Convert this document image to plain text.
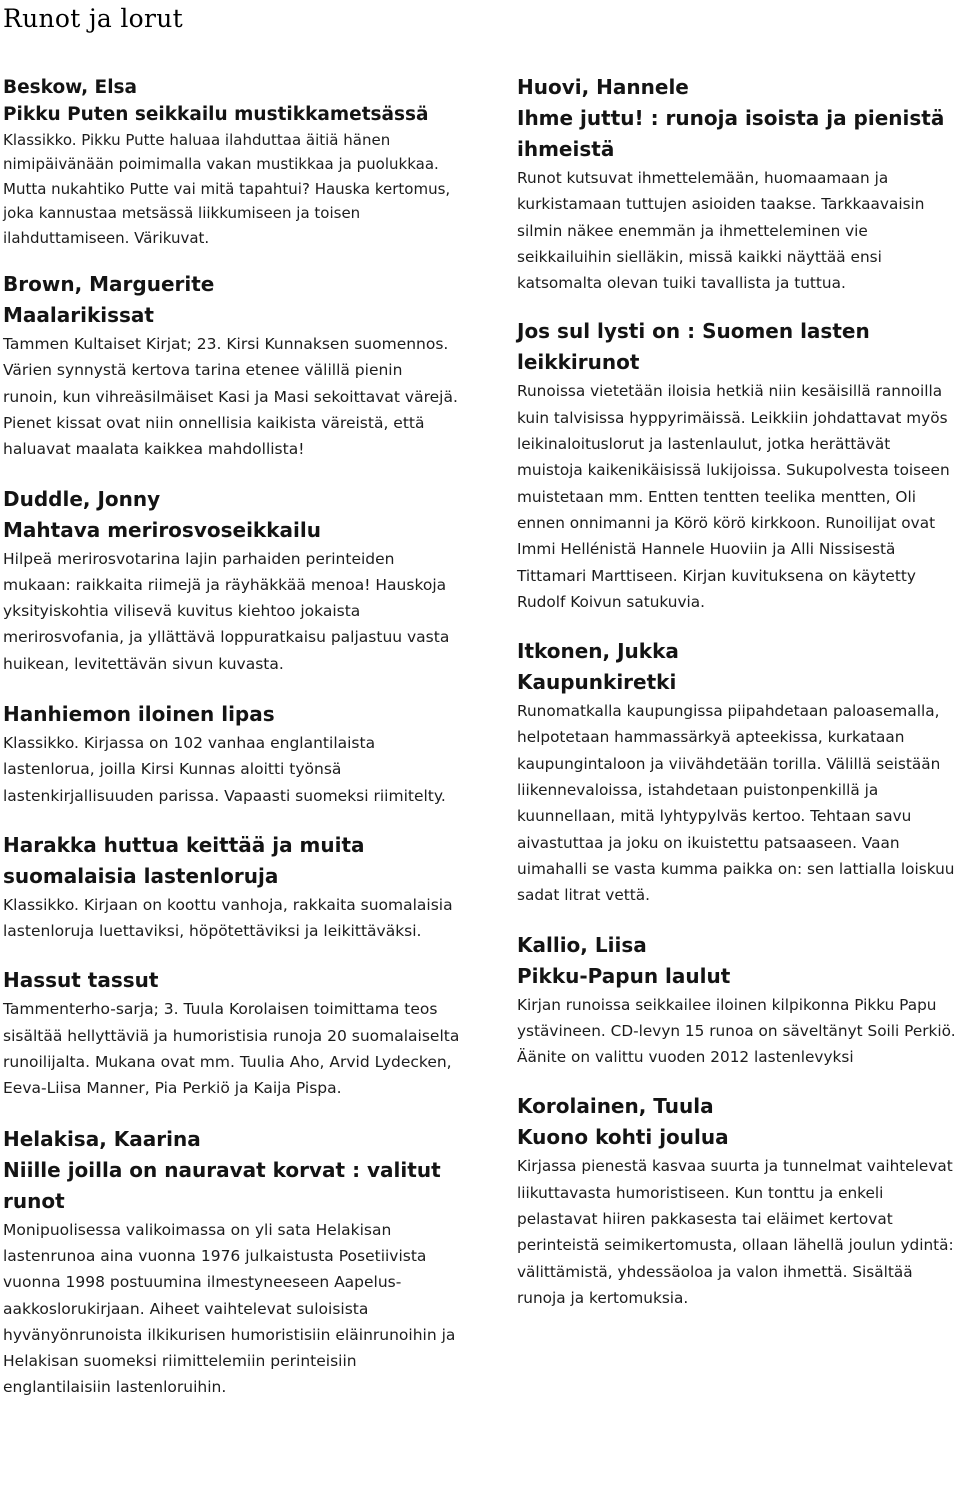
Runot ja lorut

Beskow, Elsa

Pikku Puten seikkailu mustikkametsässä

Klassikko. Pikku Putte haluaa ilahduttaa äitiä hänen nimipäivänään poimimalla vakan mustikkaa ja puolukkaa. Mutta nukahtiko Putte vai mitä tapahtui? Hauska kertomus, joka kannustaa metsässä liikkumiseen ja toisen ilahduttamiseen. Värikuvat.

Brown, Marguerite

Maalarikissat

Tammen Kultaiset Kirjat; 23. Kirsi Kunnaksen suomennos. Värien synnystä kertova tarina etenee välillä pienin runoin, kun vihreäsilmäiset Kasi ja Masi sekoittavat värejä. Pienet kissat ovat niin onnellisia kaikista väreistä, että haluavat maalata kaikkea mahdollista!

Duddle, Jonny

Mahtava merirosvoseikkailu

Hilpeä merirosvotarina lajin parhaiden perinteiden mukaan: raikkaita riimejä ja räyhäkkää menoa! Hauskoja yksityiskohtia vilisevä kuvitus kiehtoo jokaista merirosvofania, ja yllättävä loppuratkaisu paljastuu vasta huikean, levitettävän sivun kuvasta.

Hanhiemon iloinen lipas

Klassikko. Kirjassa on 102 vanhaa englantilaista lastenlorua, joilla Kirsi Kunnas aloitti työnsä lastenkirjallisuuden parissa. Vapaasti suomeksi riimitelty.

Harakka huttua keittää ja muita suomalaisia lastenloruja

Klassikko. Kirjaan on koottu vanhoja, rakkaita suomalaisia lastenloruja luettaviksi, höpötettäviksi ja leikittäväksi.

Hassut tassut

Tammenterho-sarja; 3. Tuula Korolaisen toimittama teos sisältää hellyttäviä ja humoristisia runoja 20 suomalaiselta runoilijalta. Mukana ovat mm. Tuulia Aho, Arvid Lydecken, Eeva-Liisa Manner, Pia Perkiö ja Kaija Pispa.

Helakisa, Kaarina

Niille joilla on nauravat korvat : valitut runot

Monipuolisessa valikoimassa on yli sata Helakisan lastenrunoa aina vuonna 1976 julkaistusta Posetiivista vuonna 1998 postuumina ilmestyneeseen Aapelus-aakkoslorukirjaan. Aiheet vaihtelevat suloisista hyvänyönrunoista ilkikurisen humoristisiin eläinrunoihin ja Helakisan suomeksi riimittelemiin perinteisiin englantilaisiin lastenloruihin.

Huovi, Hannele

Ihme juttu! : runoja isoista ja pienistä ihmeistä

Runot kutsuvat ihmettelemään, huomaamaan ja kurkistamaan tuttujen asioiden taakse. Tarkkaavaisin silmin näkee enemmän ja ihmetteleminen vie seikkailuihin sielläkin, missä kaikki näyttää ensi katsomalta olevan tuiki tavallista ja tuttua.

Jos sul lysti on : Suomen lasten leikkirunot

Runoissa vietetään iloisia hetkiä niin kesäisillä rannoilla kuin talvisissa hyppyrimäissä. Leikkiin johdattavat myös leikinaloituslorut ja lastenlaulut, jotka herättävät muistoja kaikenikäisissä lukijoissa. Sukupolvesta toiseen muistetaan mm. Entten tentten teelika mentten, Oli ennen onnimanni ja Körö körö kirkkoon. Runoilijat ovat Immi Hellénistä Hannele Huoviin ja Alli Nissisestä Tittamari Marttiseen. Kirjan kuvituksena on käytetty Rudolf Koivun satukuvia.

Itkonen, Jukka

Kaupunkiretki

Runomatkalla kaupungissa piipahdetaan paloasemalla, helpotetaan hammassärkyä apteekissa, kurkataan kaupungintaloon ja viivähdetään torilla. Välillä seistään liikennevaloissa, istahdetaan puistonpenkillä ja kuunnellaan, mitä lyhtypylväs kertoo. Tehtaan savu aivastuttaa ja joku on ikuistettu patsaaseen. Vaan uimahalli se vasta kumma paikka on: sen lattialla loiskuu sadat litrat vettä.

Kallio, Liisa

Pikku-Papun laulut

Kirjan runoissa seikkailee iloinen kilpikonna Pikku Papu ystävineen. CD-levyn 15 runoa on säveltänyt Soili Perkiö. Äänite on valittu vuoden 2012 lastenlevyksi

Korolainen, Tuula

Kuono kohti joulua

Kirjassa pienestä kasvaa suurta ja tunnelmat vaihtelevat liikuttavasta humoristiseen. Kun tonttu ja enkeli pelastavat hiiren pakkasesta tai eläimet kertovat perinteistä seimikertomusta, ollaan lähellä joulun ydintä: välittämistä, yhdessäoloa ja valon ihmettä. Sisältää runoja ja kertomuksia.
